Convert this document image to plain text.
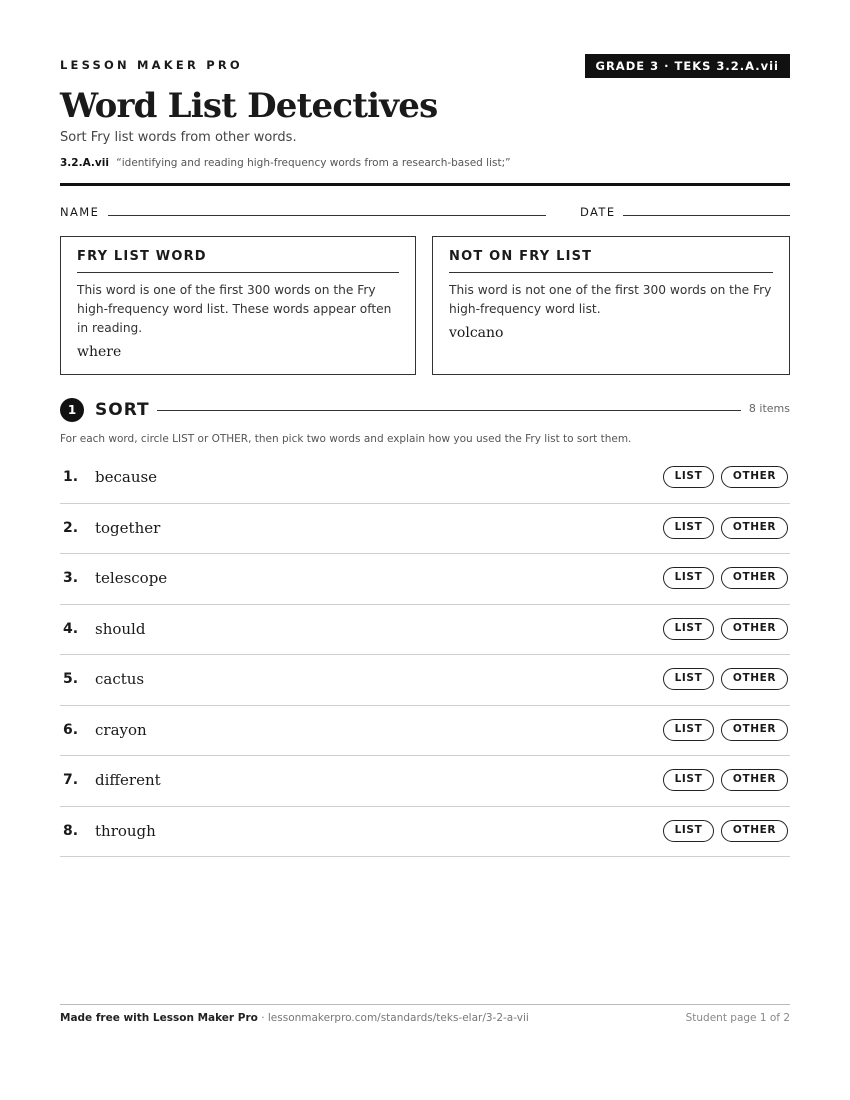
LESSON MAKER PRO	GRADE 3 · TEKS 3.2.A.vii
Word List Detectives
Sort Fry list words from other words.
3.2.A.vii “identifying and reading high-frequency words from a research-based list;”
NAME	DATE
FRY LIST WORD
This word is one of the first 300 words on the Fry high-frequency word list. These words appear often in reading.
where
NOT ON FRY LIST
This word is not one of the first 300 words on the Fry high-frequency word list.
volcano
1	SORT	8 items
For each word, circle LIST or OTHER, then pick two words and explain how you used the Fry list to sort them.
1. because	LIST	OTHER
2. together	LIST	OTHER
3. telescope	LIST	OTHER
4. should	LIST	OTHER
5. cactus	LIST	OTHER
6. crayon	LIST	OTHER
7. different	LIST	OTHER
8. through	LIST	OTHER
Made free with Lesson Maker Pro · lessonmakerpro.com/standards/teks-elar/3-2-a-vii	Student page 1 of 2
